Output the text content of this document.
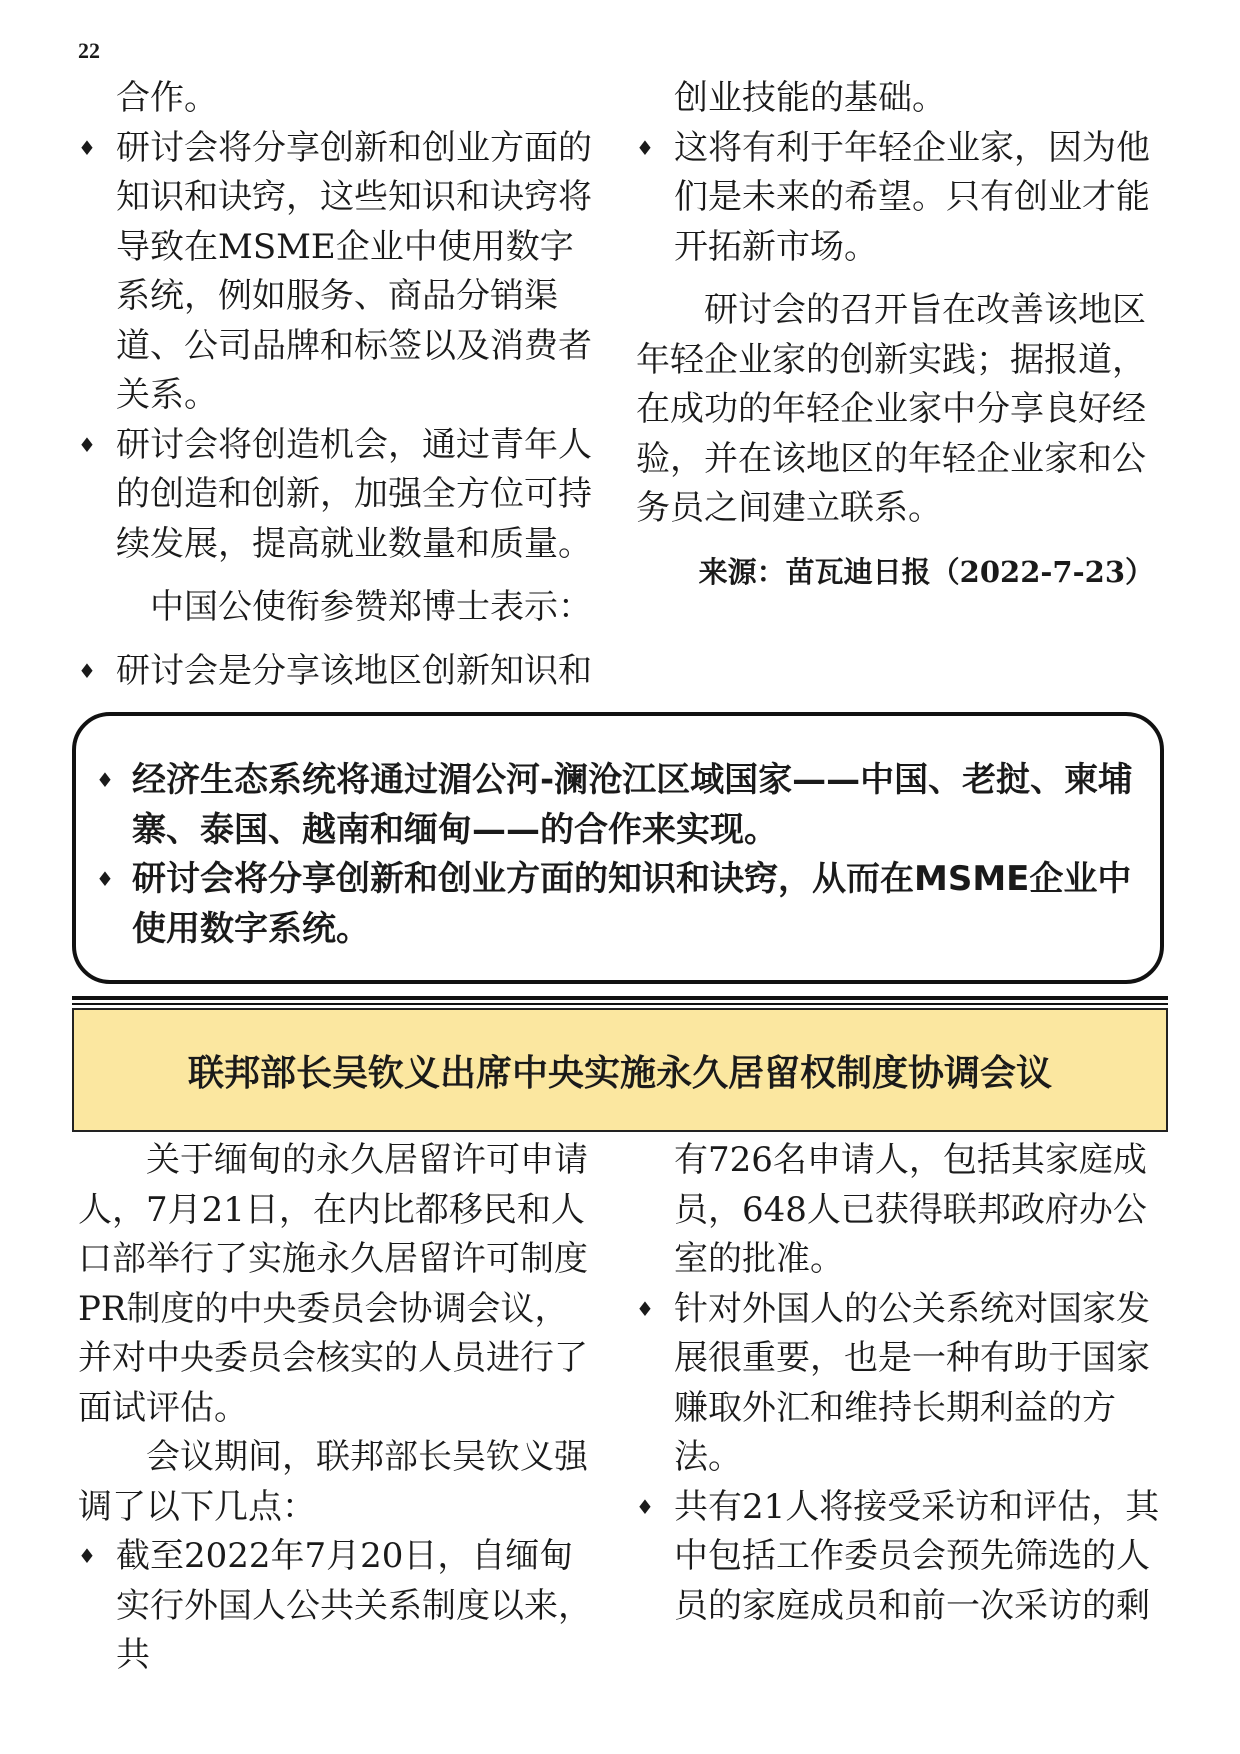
22

合作。

♦ 研讨会将分享创新和创业方面的知识和诀窍，这些知识和诀窍将导致在MSME企业中使用数字系统，例如服务、商品分销渠道、公司品牌和标签以及消费者关系。

♦ 研讨会将创造机会，通过青年人的创造和创新，加强全方位可持续发展，提高就业数量和质量。

中国公使衔参赞郑博士表示：

♦ 研讨会是分享该地区创新知识和

创业技能的基础。

♦ 这将有利于年轻企业家，因为他们是未来的希望。只有创业才能开拓新市场。

研讨会的召开旨在改善该地区年轻企业家的创新实践；据报道，在成功的年轻企业家中分享良好经验，并在该地区的年轻企业家和公务员之间建立联系。

来源：苗瓦迪日报（2022-7-23）

♦ 经济生态系统将通过湄公河-澜沧江区域国家——中国、老挝、柬埔寨、泰国、越南和缅甸——的合作来实现。

♦ 研讨会将分享创新和创业方面的知识和诀窍，从而在MSME企业中使用数字系统。

联邦部长吴钦义出席中央实施永久居留权制度协调会议

关于缅甸的永久居留许可申请人，7月21日，在内比都移民和人口部举行了实施永久居留许可制度PR制度的中央委员会协调会议，并对中央委员会核实的人员进行了面试评估。

会议期间，联邦部长吴钦义强调了以下几点：

♦ 截至2022年7月20日，自缅甸实行外国人公共关系制度以来，共

有726名申请人，包括其家庭成员，648人已获得联邦政府办公室的批准。

♦ 针对外国人的公关系统对国家发展很重要，也是一种有助于国家赚取外汇和维持长期利益的方法。

♦ 共有21人将接受采访和评估，其中包括工作委员会预先筛选的人员的家庭成员和前一次采访的剩
